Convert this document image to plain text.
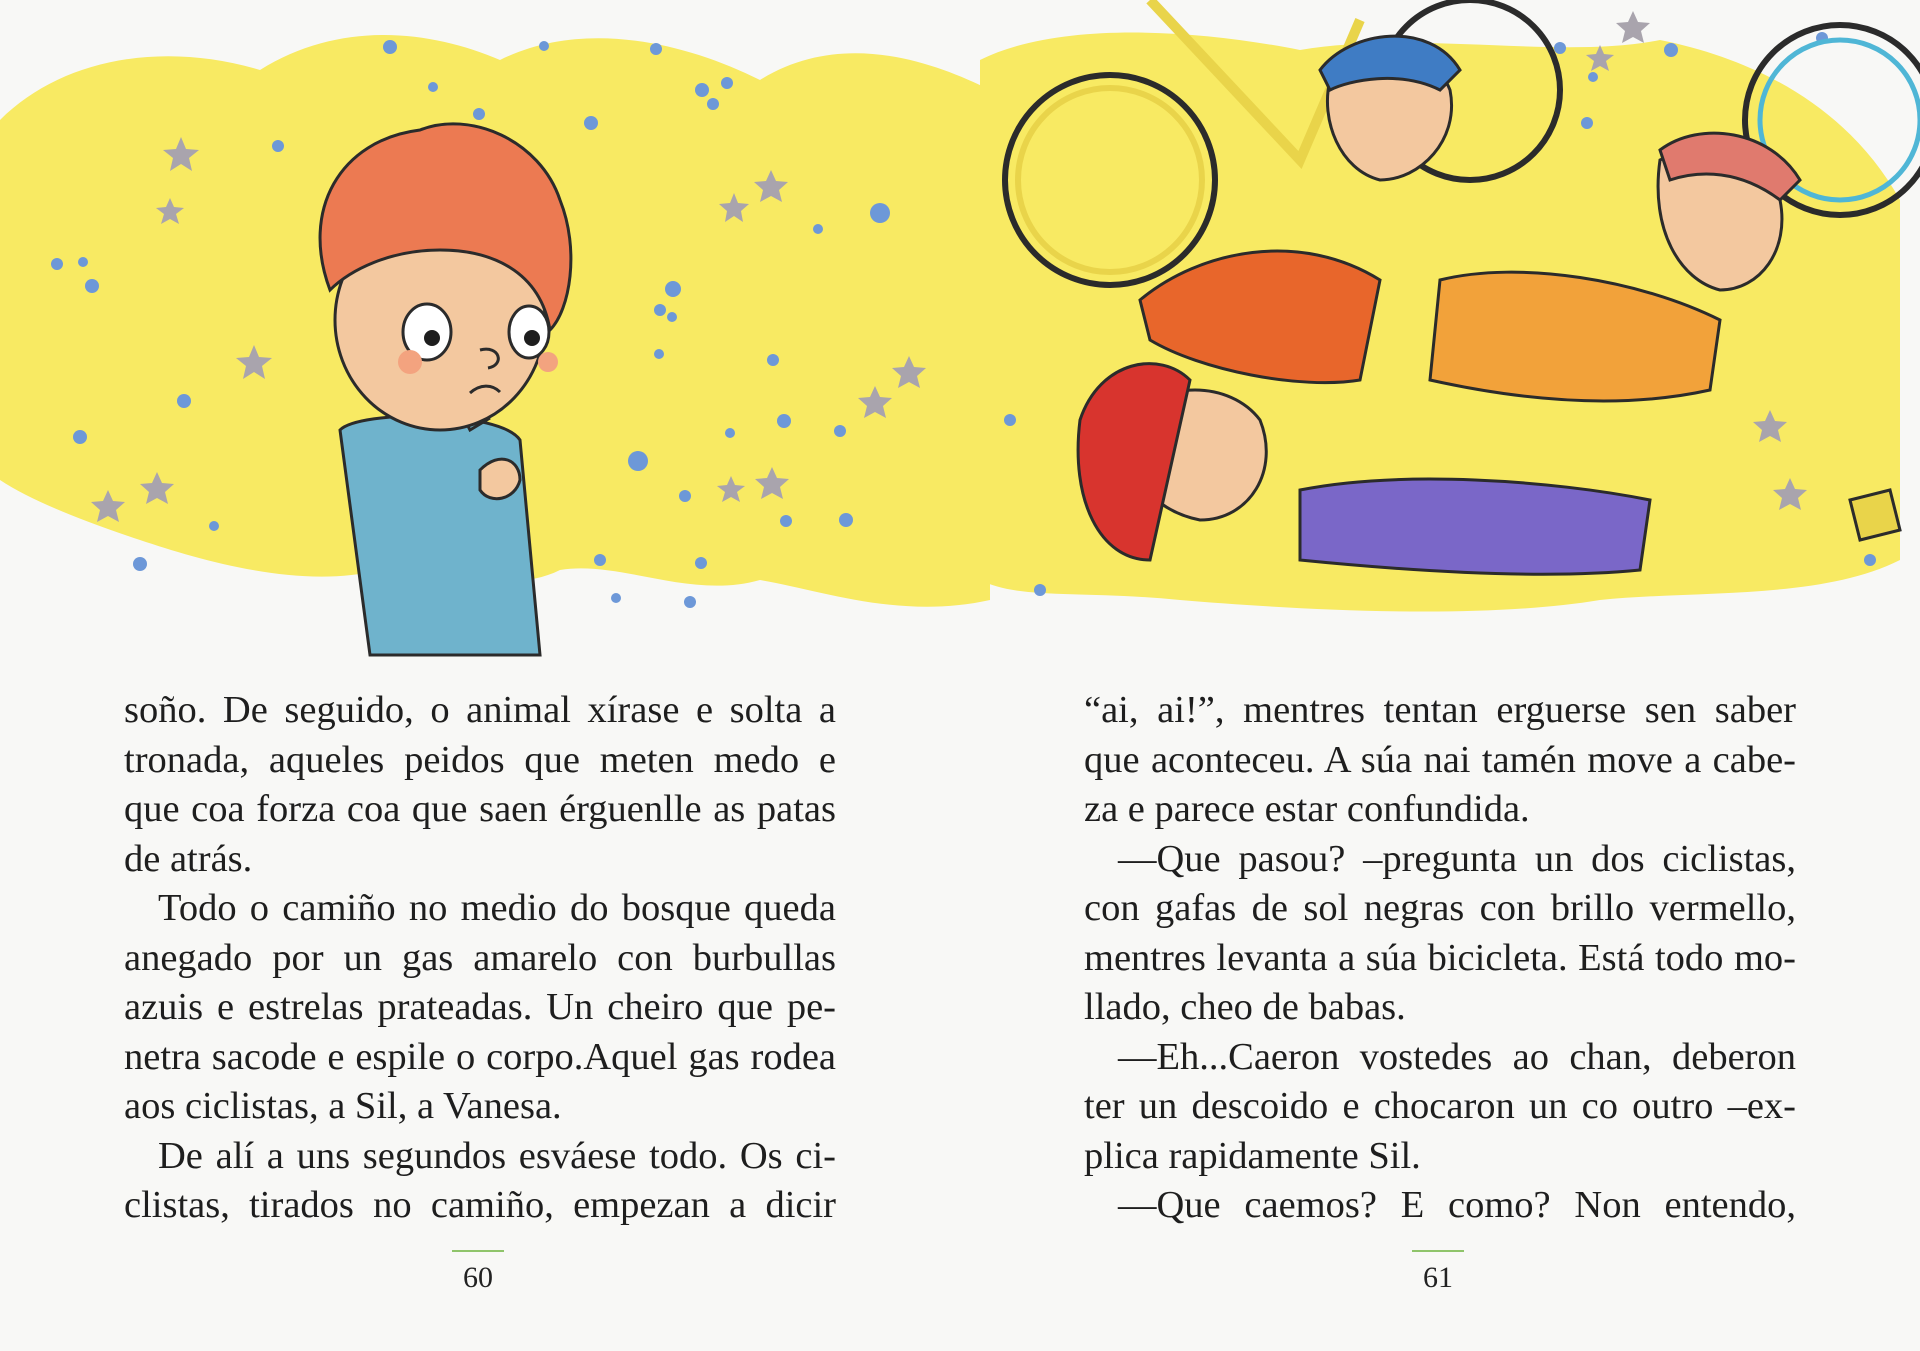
soño. De seguido, o animal xírase e solta a tronada, aqueles peidos que meten medo e que coa forza coa que saen érguenlle as patas de atrás.

Todo o camiño no medio do bosque queda anegado por un gas amarelo con burbullas azuis e estrelas prateadas. Un cheiro que penetra sacode e espile o corpo.Aquel gas rodea aos ciclistas, a Sil, a Vanesa.

De alí a uns segundos esváese todo. Os ciclistas, tirados no camiño, empezan a dicir

“ai, ai!”, mentres tentan erguerse sen saber que aconteceu. A súa nai tamén move a cabeza e parece estar confundida.

—Que pasou? –pregunta un dos ciclistas, con gafas de sol negras con brillo vermello, mentres levanta a súa bicicleta. Está todo mollado, cheo de babas.

—Eh...Caeron vostedes ao chan, deberon ter un descoido e chocaron un co outro –explica rapidamente Sil.

—Que caemos? E como? Non entendo,

60	61
